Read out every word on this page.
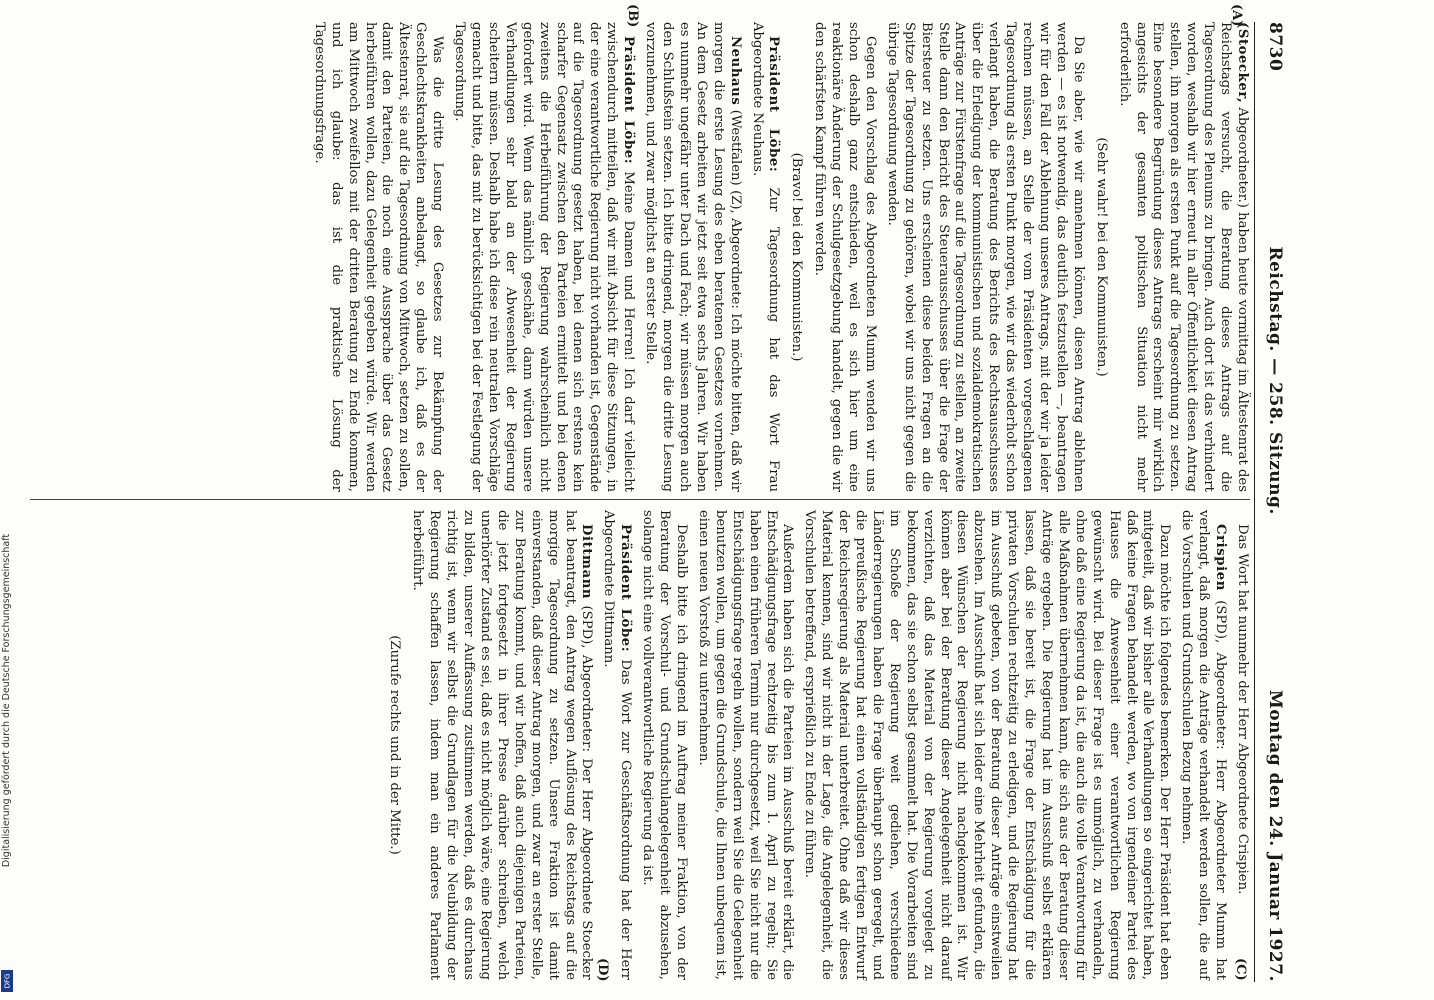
8730
Reichstag. — 258. Sitzung.
Montag den 24. Januar 1927.
(A)
(B)
(C)
(D)

(Stoecker, Abgeordneter.) haben heute vormittag im Ältestenrat des Reichstags versucht, die Beratung dieses Antrags auf die Tagesordnung des Plenums zu bringen. Auch dort ist das verhindert worden, weshalb wir hier erneut in aller Öffentlichkeit diesen Antrag stellen, ihn morgen als ersten Punkt auf die Tagesordnung zu setzen. Eine besondere Begründung dieses Antrags erscheint mir wirklich angesichts der gesamten politischen Situation nicht mehr erforderlich.

(Sehr wahr! bei den Kommunisten.)

Da Sie aber, wie wir annehmen können, diesen Antrag ablehnen werden — es ist notwendig, das deutlich festzustellen —, beantragen wir für den Fall der Ablehnung unseres Antrags, mit der wir ja leider rechnen müssen, an Stelle der vom Präsidenten vorgeschlagenen Tagesordnung als ersten Punkt morgen, wie wir das wiederholt schon verlangt haben, die Beratung des Berichts des Rechtsausschusses über die Erledigung der kommunistischen und sozialdemokratischen Anträge zur Fürstenfrage auf die Tagesordnung zu stellen, an zweite Stelle dann den Bericht des Steuerausschusses über die Frage der Biersteuer zu setzen. Uns erscheinen diese beiden Fragen an die Spitze der Tagesordnung zu gehören, wobei wir uns nicht gegen die übrige Tagesordnung wenden.

Gegen den Vorschlag des Abgeordneten Mumm wenden wir uns schon deshalb ganz entschieden, weil es sich hier um eine reaktionäre Änderung der Schulgesetzgebung handelt, gegen die wir den schärfsten Kampf führen werden.

(Bravo! bei den Kommunisten.)

Präsident Löbe: Zur Tagesordnung hat das Wort Frau Abgeordnete Neuhaus.

Neuhaus (Westfalen) (Z), Abgeordnete: Ich möchte bitten, daß wir morgen die erste Lesung des eben beratenen Gesetzes vornehmen. An dem Gesetz arbeiten wir jetzt seit etwa sechs Jahren. Wir haben es nunmehr ungefähr unter Dach und Fach; wir müssen morgen auch den Schlußstein setzen. Ich bitte dringend, morgen die dritte Lesung vorzunehmen, und zwar möglichst an erster Stelle.

Präsident Löbe: Meine Damen und Herren! Ich darf vielleicht zwischendurch mitteilen, daß wir mit Absicht für diese Sitzungen, in der eine verantwortliche Regierung nicht vorhanden ist, Gegenstände auf die Tagesordnung gesetzt haben, bei denen sich erstens kein scharfer Gegensatz zwischen den Parteien ermittelt und bei denen zweitens die Herbeiführung der Regierung wahrscheinlich nicht gefordert wird. Wenn das nämlich geschähe, dann würden unsere Verhandlungen sehr bald an der Abwesenheit der Regierung scheitern müssen. Deshalb habe ich diese rein neutralen Vorschläge gemacht und bitte, das mit zu berücksichtigen bei der Festlegung der Tagesordnung.

Was die dritte Lesung des Gesetzes zur Bekämpfung der Geschlechtskrankheiten anbelangt, so glaube ich, daß es der Ältestenrat, sie auf die Tagesordnung von Mittwoch, setzen zu sollen, damit den Parteien, die noch eine Aussprache über das Gesetz herbeiführen wollen, dazu Gelegenheit gegeben würde. Wir werden am Mittwoch zweifellos mit der dritten Beratung zu Ende kommen, und ich glaube: das ist die praktische Lösung der Tagesordnungsfrage.

Das Wort hat nunmehr der Herr Abgeordnete Crispien.

Crispien (SPD), Abgeordneter: Herr Abgeordneter Mumm hat verlangt, daß morgen die Anträge verhandelt werden sollen, die auf die Vorschulen und Grundschulen Bezug nehmen.

Dazu möchte ich folgendes bemerken. Der Herr Präsident hat eben mitgeteilt, daß wir bisher alle Verhandlungen so eingerichtet haben, daß keine Fragen behandelt werden, wo von irgendeiner Partei des Hauses die Anwesenheit einer verantwortlichen Regierung gewünscht wird. Bei dieser Frage ist es unmöglich, zu verhandeln, ohne daß eine Regierung da ist, die auch die volle Verantwortung für alle Maßnahmen übernehmen kann, die sich aus der Beratung dieser Anträge ergeben. Die Regierung hat im Ausschuß selbst erklären lassen, daß sie bereit ist, die Frage der Entschädigung für die privaten Vorschulen rechtzeitig zu erledigen, und die Regierung hat im Ausschuß gebeten, von der Beratung dieser Anträge einstweilen abzusehen. Im Ausschuß hat sich leider eine Mehrheit gefunden, die diesen Wünschen der Regierung nicht nachgekommen ist. Wir können aber bei der Beratung dieser Angelegenheit nicht darauf verzichten, daß das Material von der Regierung vorgelegt zu bekommen, das sie schon selbst gesammelt hat. Die Vorarbeiten sind im Schoße der Regierung weit gediehen, verschiedene Länderregierungen haben die Frage überhaupt schon geregelt, und die preußische Regierung hat einen vollständigen fertigen Entwurf der Reichsregierung als Material unterbreitet. Ohne daß wir dieses Material kennen, sind wir nicht in der Lage, die Angelegenheit, die Vorschulen betreffend, ersprießlich zu Ende zu führen.

Außerdem haben sich die Parteien im Ausschuß bereit erklärt, die Entschädigungsfrage rechtzeitig bis zum 1. April zu regeln; Sie haben einen früheren Termin nur durchgesetzt, weil Sie nicht nur die Entschädigungsfrage regeln wollen, sondern weil Sie die Gelegenheit benutzen wollen, um gegen die Grundschule, die Ihnen unbequem ist, einen neuen Vorstoß zu unternehmen.

Deshalb bitte ich dringend im Auftrag meiner Fraktion, von der Beratung der Vorschul- und Grundschulangelegenheit abzusehen, solange nicht eine vollverantwortliche Regierung da ist.

Präsident Löbe: Das Wort zur Geschäftsordnung hat der Herr Abgeordnete Dittmann.

Dittmann (SPD), Abgeordneter: Der Herr Abgeordnete Stoecker hat beantragt, den Antrag wegen Auflösung des Reichstags auf die morgige Tagesordnung zu setzen. Unsere Fraktion ist damit einverstanden, daß dieser Antrag morgen, und zwar an erster Stelle, zur Beratung kommt, und wir hoffen, daß auch diejenigen Parteien, die jetzt fortgesetzt in ihrer Presse darüber schreiben, welch unerhörter Zustand es sei, daß es nicht möglich wäre, eine Regierung zu bilden, unserer Auffassung zustimmen werden, daß es durchaus richtig ist, wenn wir selbst die Grundlagen für die Neubildung der Regierung schaffen lassen, indem man ein anderes Parlament herbeiführt.

(Zurufe rechts und in der Mitte.)

Digitalisierung gefördert durch die Deutsche Forschungsgemeinschaft
DFG
